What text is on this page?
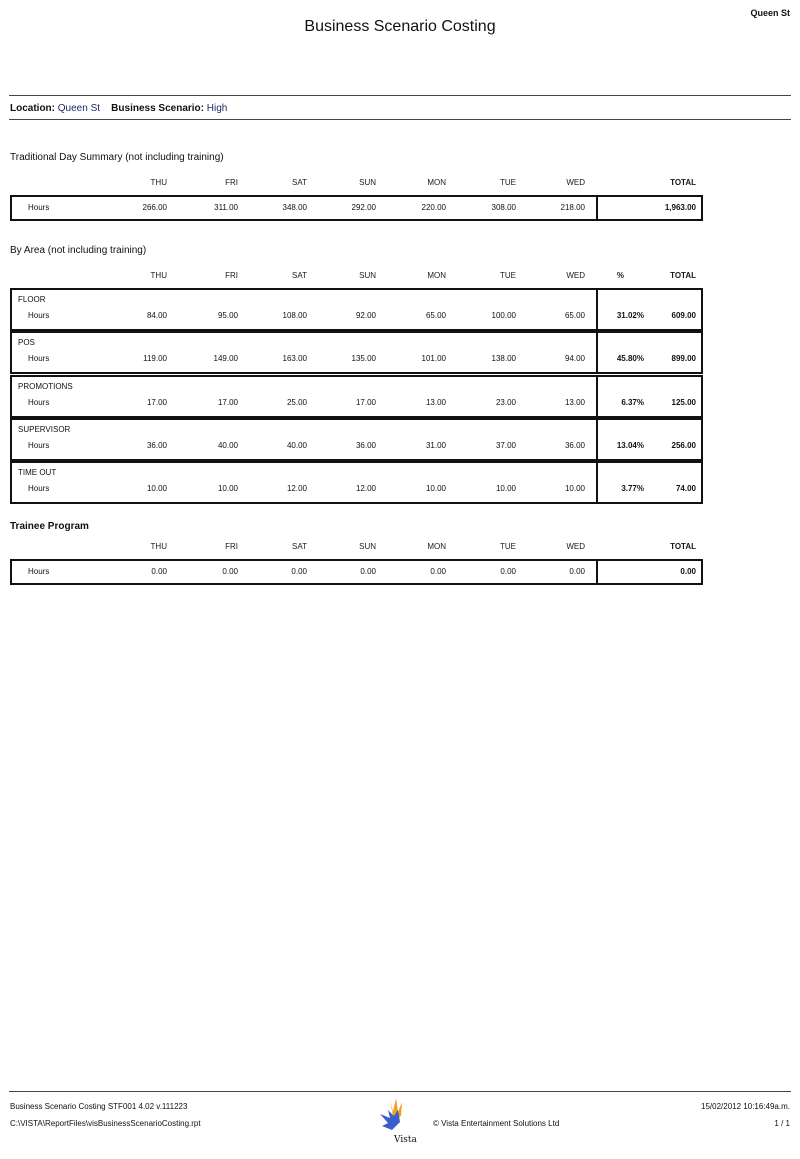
Queen St
Business Scenario Costing
Location: Queen St Business Scenario: High
Traditional Day Summary (not including training)
By Area (not including training)
Trainee Program
Business Scenario Costing STF001 4.02 v.111223
C:\VISTA\ReportFiles\visBusinessScenarioCosting.rpt
Vista
© Vista Entertainment Solutions Ltd
15/02/2012 10:16:49a.m.
1 / 1
THU	FRI	SAT	SUN	MON	TUE	WED	TOTAL
Hours	266.00	311.00	348.00	292.00	220.00	308.00	218.00	1,963.00
THU	FRI	SAT	SUN	MON	TUE	WED	%	TOTAL
FLOOR
Hours	84.00	95.00	108.00	92.00	65.00	100.00	65.00	31.02%	609.00
POS
Hours	119.00	149.00	163.00	135.00	101.00	138.00	94.00	45.80%	899.00
PROMOTIONS
Hours	17.00	17.00	25.00	17.00	13.00	23.00	13.00	6.37%	125.00
SUPERVISOR
Hours	36.00	40.00	40.00	36.00	31.00	37.00	36.00	13.04%	256.00
TIME OUT
Hours	10.00	10.00	12.00	12.00	10.00	10.00	10.00	3.77%	74.00
THU	FRI	SAT	SUN	MON	TUE	WED	TOTAL
Hours	0.00	0.00	0.00	0.00	0.00	0.00	0.00	0.00
